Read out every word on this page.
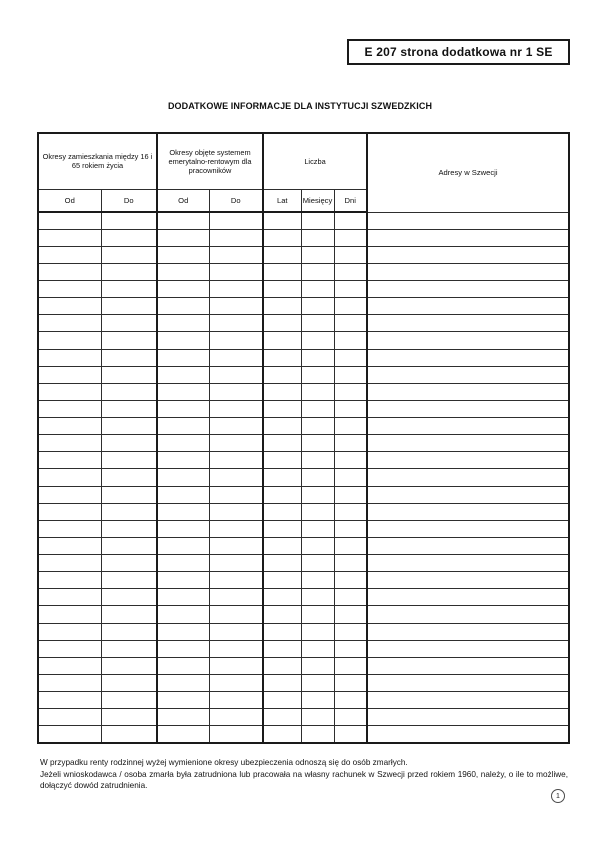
E 207 strona dodatkowa nr 1 SE
DODATKOWE INFORMACJE DLA INSTYTUCJI SZWEDZKICH
Okresy zamieszkania między 16 i 65 rokiem życia		Okresy objęte systemem emerytalno-rentowym dla pracowników		Liczba			Adresy w Szwecji
Od	Do	Od	Do	Lat	Miesięcy	Dni	

W przypadku renty rodzinnej wyżej wymienione okresy ubezpieczenia odnoszą się do osób zmarłych.

Jeżeli wnioskodawca / osoba zmarła była zatrudniona lub pracowała na własny rachunek w Szwecji przed rokiem 1960, należy, o ile to możliwe, dołączyć dowód zatrudnienia.

1
